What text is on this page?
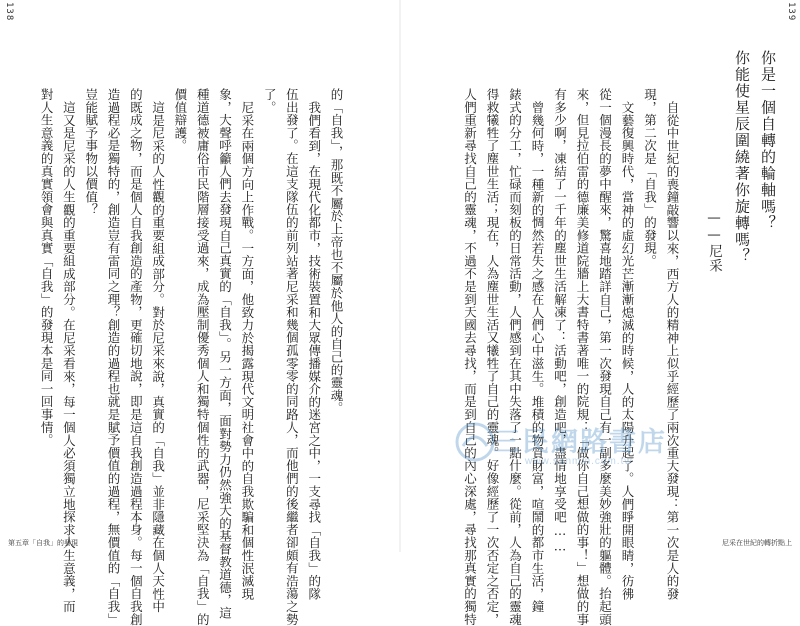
138
的「自我」，那既不屬於上帝也不屬於他人的自己的靈魂。
我們看到，在現代化都市，技術裝置和大眾傳播媒介的迷宮之中，一支尋找「自我」的隊
伍出發了。在這支隊伍的前列站著尼采和幾個孤零零的同路人，而他們的後繼者卻頗有浩蕩之勢
了。
尼采在兩個方向上作戰。一方面，他致力於揭露現代文明社會中的自我欺騙和個性泯滅現
象，大聲呼籲人們去發現自己真實的「自我」。另一方面，面對勢力仍然強大的基督教道德，這
種道德被庸俗市民階層接受過來，成為壓制優秀個人和獨特個性的武器，尼采堅決為「自我」的
價值辯護。
這是尼采的人性觀的重要組成部分。對於尼采來說，真實的「自我」並非隱藏在個人天性中
的既成之物，而是個人自我創造的產物，更確切地說，即是這自我創造過程本身。每一個自我創
造過程必是獨特的，創造豈有雷同之理？創造的過程也就是賦予價值的過程，無價值的「自我」
豈能賦予事物以價值？
這又是尼采的人生觀的重要組成部分。在尼采看來，每一個人必須獨立地探求人生意義，而
對人生意義的真實領會與真實「自我」的發現本是同一回事情。
第五章「自我」的發現
139
你是一個自轉的輪軸嗎？
你能使星辰圍繞著你旋轉嗎？
——尼采
自從中世紀的喪鐘敲響以來，西方人的精神上似乎經歷了兩次重大發現：第一次是人的發
現，第二次是「自我」的發現。
文藝復興時代，當神的虛幻光芒漸漸熄滅的時候，人的太陽升起了。人們睜開眼睛，彷彿
從一個漫長的夢中醒來，驚喜地踏詳自己，第一次發現自己有一副多麼美妙強壯的軀體。抬起頭
來，但見拉伯雷的德廉美修道院牆上大書特書著唯一的院規：「做你自己想做的事！」想做的事
有多少啊，凍結了一千年的塵世生活解凍了：活動吧，創造吧，盡情地享受吧……
曾幾何時，一種新的惆然若失之感在人們心中滋生。堆積的物質財富，喧鬧的都市生活，鐘
錶式的分工，忙碌而刻板的日常活動，人們感到在其中失落了一點什麼。從前，人為自己的靈魂
得救犧牲了塵世生活；現在，人為塵世生活又犧牲了自己的靈魂。好像經歷了一次否定之否定，
人們重新尋找自己的靈魂，不過不是到天國去尋找，而是到自己的內心深處，尋找那真實的獨特	尼采在世紀的轉折點上
三民網路書店
www.sanmin.com.tw
